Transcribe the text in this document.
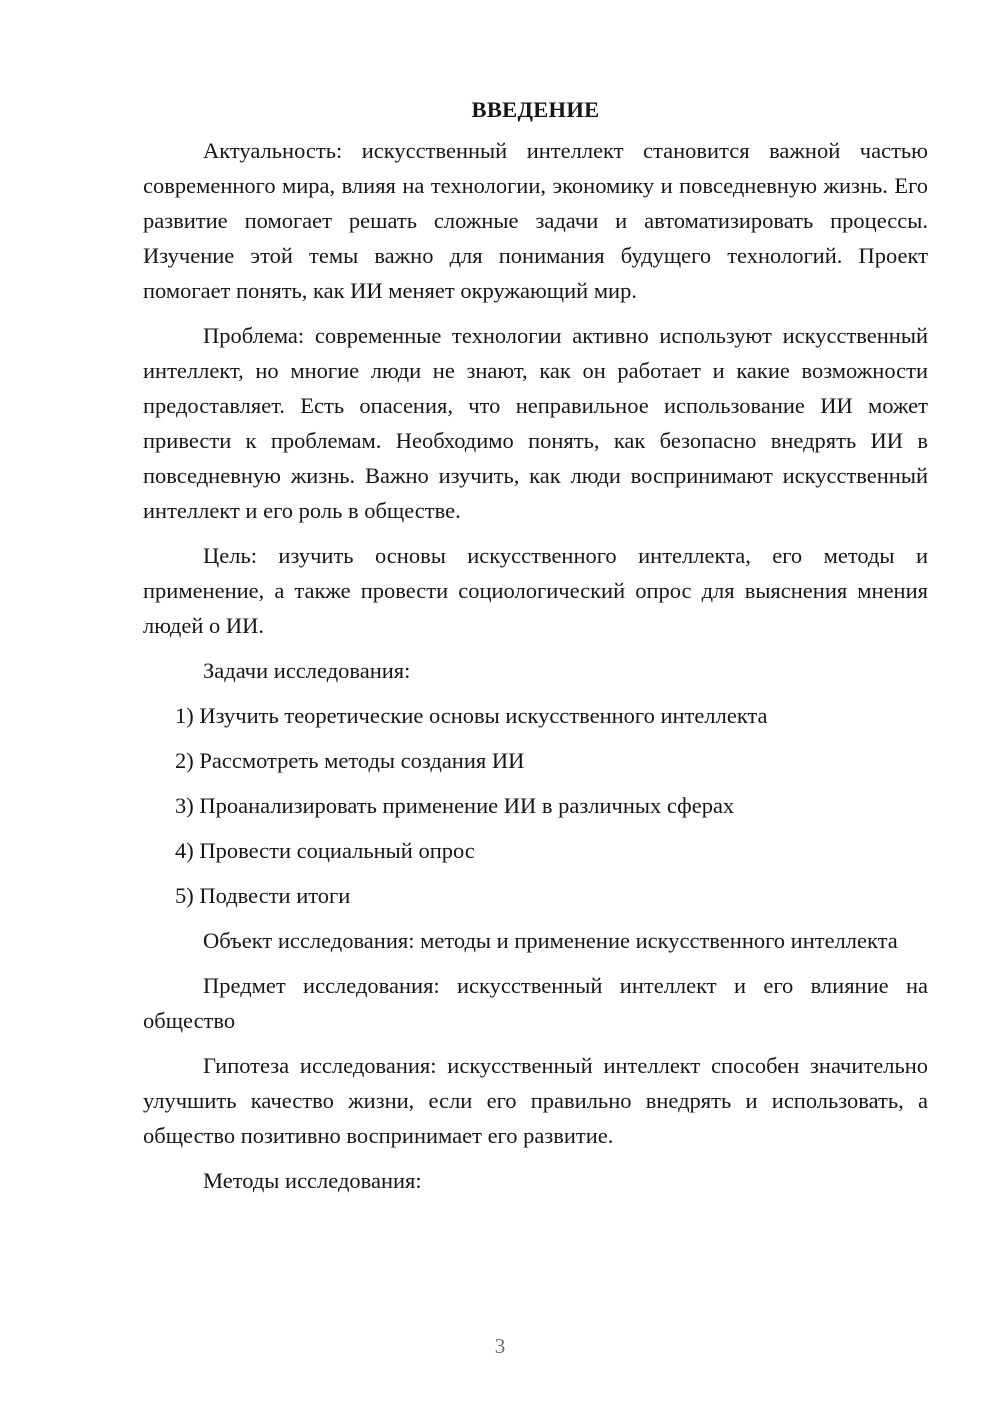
ВВЕДЕНИЕ

Актуальность: искусственный интеллект становится важной частью современного мира, влияя на технологии, экономику и повседневную жизнь. Его развитие помогает решать сложные задачи и автоматизировать процессы. Изучение этой темы важно для понимания будущего технологий. Проект помогает понять, как ИИ меняет окружающий мир.

Проблема: современные технологии активно используют искусственный интеллект, но многие люди не знают, как он работает и какие возможности предоставляет. Есть опасения, что неправильное использование ИИ может привести к проблемам. Необходимо понять, как безопасно внедрять ИИ в повседневную жизнь. Важно изучить, как люди воспринимают искусственный интеллект и его роль в обществе.

Цель: изучить основы искусственного интеллекта, его методы и применение, а также провести социологический опрос для выяснения мнения людей о ИИ.

Задачи исследования:

1) Изучить теоретические основы искусственного интеллекта
2) Рассмотреть методы создания ИИ
3) Проанализировать применение ИИ в различных сферах
4) Провести социальный опрос
5) Подвести итоги

Объект исследования: методы и применение искусственного интеллекта

Предмет исследования: искусственный интеллект и его влияние на общество

Гипотеза исследования: искусственный интеллект способен значительно улучшить качество жизни, если его правильно внедрять и использовать, а общество позитивно воспринимает его развитие.

Методы исследования:

3
